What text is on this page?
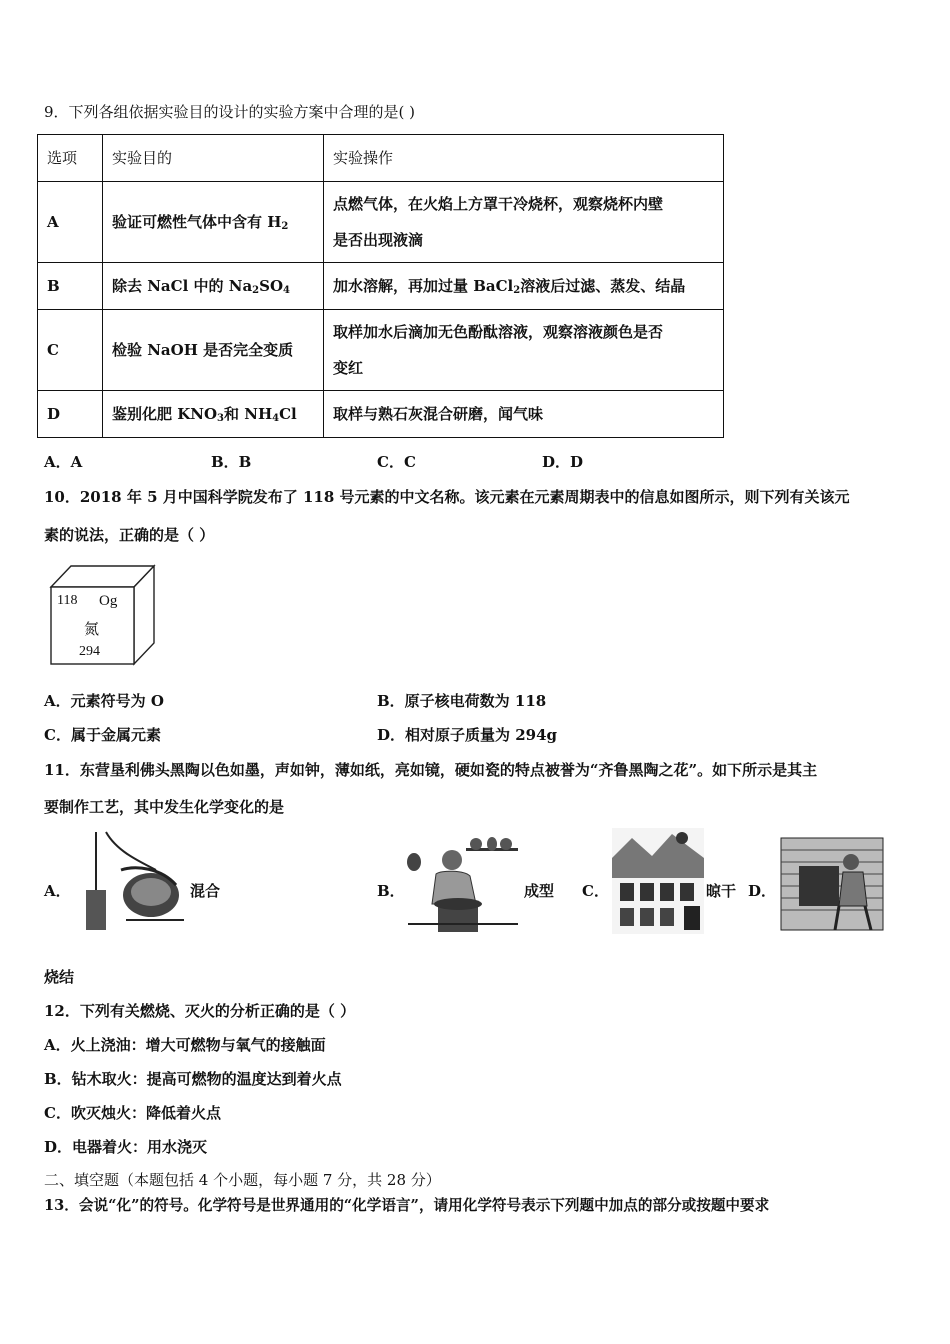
9．下列各组依据实验目的设计的实验方案中合理的是( )
选项	实验目的	实验操作
A	验证可燃性气体中含有 $H_2$	点燃气体，在火焰上方罩干冷烧杯，观察烧杯内壁
是否出现液滴

B	除去 NaCl 中的 $Na_2SO_4$	加水溶解，再加过量 BaCl$_2$溶液后过滤、蒸发、结晶
C	检验 NaOH 是否完全变质	取样加水后滴加无色酚酞溶液，观察溶液颜色是否
变红

D	鉴别化肥 $KNO_3$和 $NH_4Cl$	取样与熟石灰混合研磨，闻气味
A．A	B．B	C．C	D．D
10．2018 年 5 月中国科学院发布了 118 号元素的中文名称。该元素在元素周期表中的信息如图所示，则下列有关该元
素的说法，正确的是（ ）
118 Og
氮
294
A．元素符号为 O	B．原子核电荷数为 118
C．属于金属元素	D．相对原子质量为 294g
11．东营垦利佛头黑陶以色如墨，声如钟，薄如纸，亮如镜，硬如瓷的特点被誉为“齐鲁黑陶之花”。如下所示是其主
要制作工艺，其中发生化学变化的是
A．	混合	B．	成型 C．	晾干 D．
烧结
12．下列有关燃烧、灭火的分析正确的是（ ）
A．火上浇油：增大可燃物与氧气的接触面
B．钻木取火：提高可燃物的温度达到着火点
C．吹灭烛火：降低着火点
D．电器着火：用水浇灭
二、填空题（本题包括 4 个小题，每小题 7 分，共 28 分）
13．会说“化”的符号。化学符号是世界通用的“化学语言”，请用化学符号表示下列题中加点的部分或按题中要求
